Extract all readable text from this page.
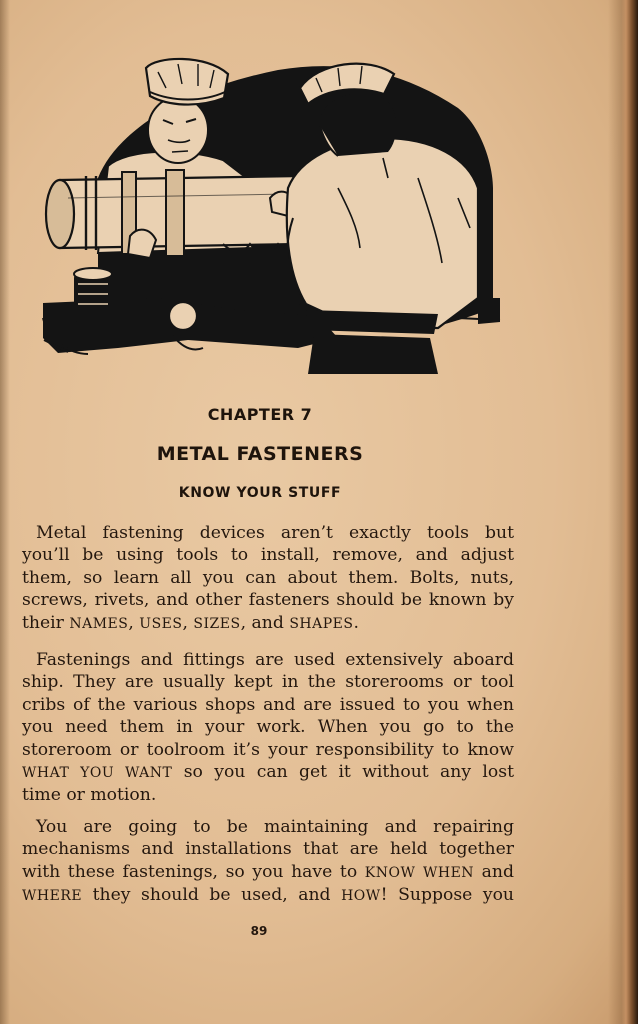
CHAPTER 7
METAL FASTENERS
KNOW YOUR STUFF

Metal fastening devices aren’t exactly tools but
you’ll be using tools to install, remove, and adjust
them, so learn all you can about them. Bolts, nuts,
screws, rivets, and other fasteners should be known by
their NAMES, USES, SIZES, and SHAPES.

Fastenings and fittings are used extensively aboard
ship. They are usually kept in the storerooms or tool
cribs of the various shops and are issued to you when
you need them in your work. When you go to the
storeroom or toolroom it’s your responsibility to know
WHAT YOU WANT so you can get it without any lost
time or motion.

You are going to be maintaining and repairing
mechanisms and installations that are held together
with these fastenings, so you have to KNOW WHEN and
WHERE they should be used, and HOW! Suppose you

89
